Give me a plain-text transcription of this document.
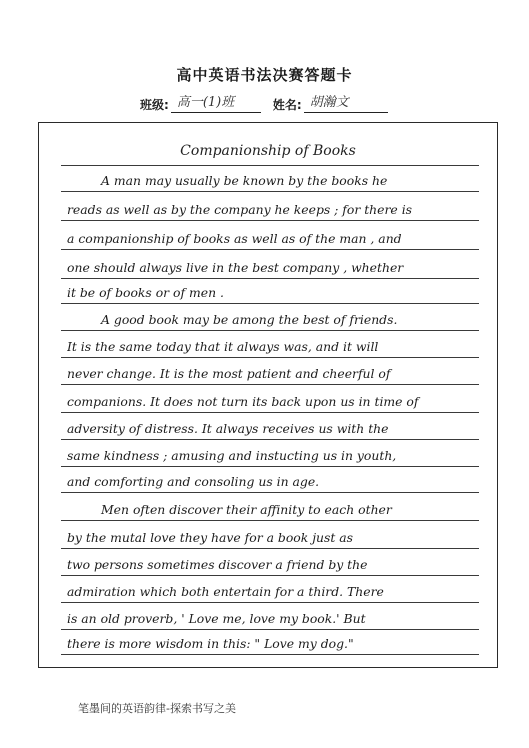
高中英语书法决赛答题卡
班级: 高一(1)班	姓名: 胡瀚文
Companionship of Books
A man may usually be known by the books he
reads as well as by the company he keeps ; for there is
a companionship of books as well as of the man , and
one should always live in the best company , whether
it be of books or of men .
A good book may be among the best of friends.
It is the same today that it always was, and it will
never change. It is the most patient and cheerful of
companions. It does not turn its back upon us in time of
adversity of distress. It always receives us with the
same kindness ; amusing and instucting us in youth,
and comforting and consoling us in age.
Men often discover their affinity to each other
by the mutal love they have for a book just as
two persons sometimes discover a friend by the
admiration which both entertain for a third. There
is an old proverb, ' Love me, love my book.' But
there is more wisdom in this: " Love my dog."
笔墨间的英语韵律-探索书写之美
